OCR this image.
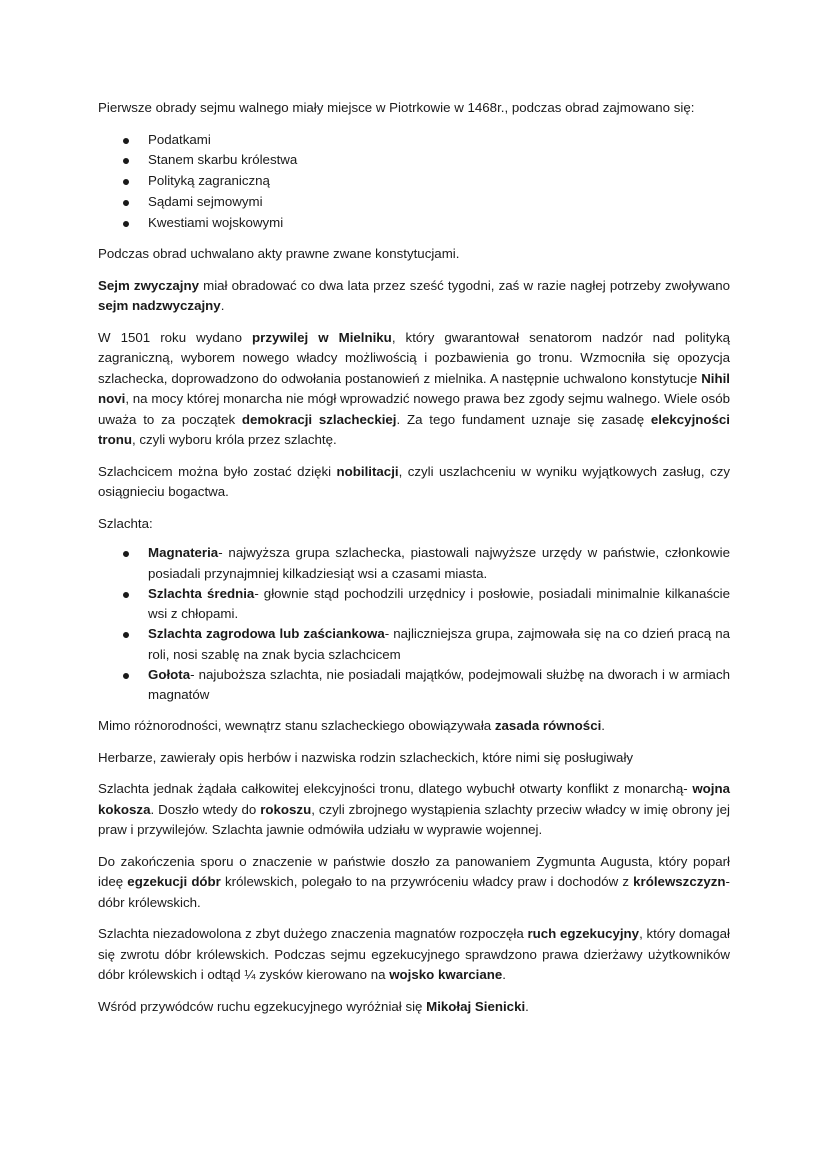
Pierwsze obrady sejmu walnego miały miejsce w Piotrkowie w 1468r., podczas obrad zajmowano się:

Podatkami
Stanem skarbu królestwa
Polityką zagraniczną
Sądami sejmowymi
Kwestiami wojskowymi

Podczas obrad uchwalano akty prawne zwane konstytucjami.

Sejm zwyczajny miał obradować co dwa lata przez sześć tygodni, zaś w razie nagłej potrzeby zwoływano sejm nadzwyczajny.

W 1501 roku wydano przywilej w Mielniku, który gwarantował senatorom nadzór nad polityką zagraniczną, wyborem nowego władcy możliwością i pozbawienia go tronu. Wzmocniła się opozycja szlachecka, doprowadzono do odwołania postanowień z mielnika. A następnie uchwalono konstytucje Nihil novi, na mocy której monarcha nie mógł wprowadzić nowego prawa bez zgody sejmu walnego. Wiele osób uważa to za początek demokracji szlacheckiej. Za tego fundament uznaje się zasadę elekcyjności tronu, czyli wyboru króla przez szlachtę.

Szlachcicem można było zostać dzięki nobilitacji, czyli uszlachceniu w wyniku wyjątkowych zasług, czy osiągnieciu bogactwa.

Szlachta:

Magnateria- najwyższa grupa szlachecka, piastowali najwyższe urzędy w państwie, członkowie posiadali przynajmniej kilkadziesiąt wsi a czasami miasta.
Szlachta średnia- głownie stąd pochodzili urzędnicy i posłowie, posiadali minimalnie kilkanaście wsi z chłopami.
Szlachta zagrodowa lub zaściankowa- najliczniejsza grupa, zajmowała się na co dzień pracą na roli, nosi szablę na znak bycia szlachcicem
Gołota- najuboższa szlachta, nie posiadali majątków, podejmowali służbę na dworach i w armiach magnatów

Mimo różnorodności, wewnątrz stanu szlacheckiego obowiązywała zasada równości.

Herbarze, zawierały opis herbów i nazwiska rodzin szlacheckich, które nimi się posługiwały

Szlachta jednak żądała całkowitej elekcyjności tronu, dlatego wybuchł otwarty konflikt z monarchą- wojna kokosza. Doszło wtedy do rokoszu, czyli zbrojnego wystąpienia szlachty przeciw władcy w imię obrony jej praw i przywilejów. Szlachta jawnie odmówiła udziału w wyprawie wojennej.

Do zakończenia sporu o znaczenie w państwie doszło za panowaniem Zygmunta Augusta, który poparł ideę egzekucji dóbr królewskich, polegało to na przywróceniu władcy praw i dochodów z królewszczyzn- dóbr królewskich.

Szlachta niezadowolona z zbyt dużego znaczenia magnatów rozpoczęła ruch egzekucyjny, który domagał się zwrotu dóbr królewskich. Podczas sejmu egzekucyjnego sprawdzono prawa dzierżawy użytkowników dóbr królewskich i odtąd ¼ zysków kierowano na wojsko kwarciane.

Wśród przywódców ruchu egzekucyjnego wyróżniał się Mikołaj Sienicki.
